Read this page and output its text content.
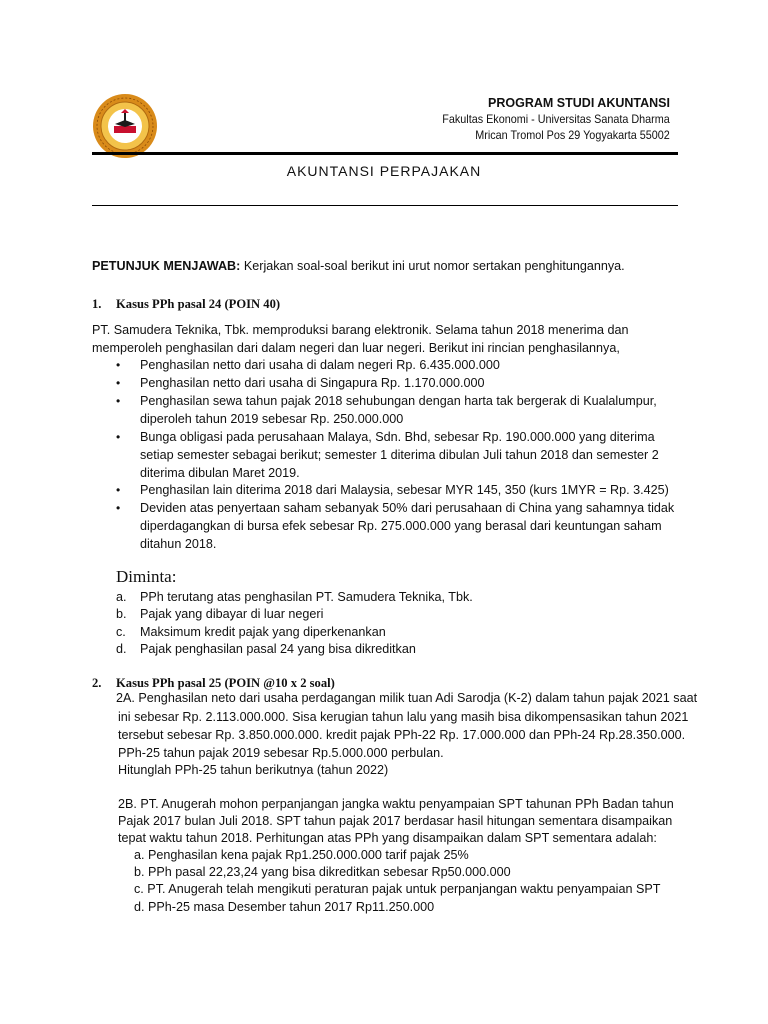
PROGRAM STUDI AKUNTANSI
Fakultas Ekonomi - Universitas Sanata Dharma
Mrican Tromol Pos 29 Yogyakarta 55002
AKUNTANSI PERPAJAKAN
PETUNJUK MENJAWAB: Kerjakan soal-soal berikut ini urut nomor sertakan penghitungannya.
1. Kasus PPh pasal 24 (POIN 40)
PT. Samudera Teknika, Tbk. memproduksi barang elektronik. Selama tahun 2018 menerima dan
memperoleh penghasilan dari dalam negeri dan luar negeri. Berikut ini rincian penghasilannya,
• Penghasilan netto dari usaha di dalam negeri Rp. 6.435.000.000
• Penghasilan netto dari usaha di Singapura Rp. 1.170.000.000
• Penghasilan sewa tahun pajak 2018 sehubungan dengan harta tak bergerak di Kualalumpur,
diperoleh tahun 2019 sebesar Rp. 250.000.000
• Bunga obligasi pada perusahaan Malaya, Sdn. Bhd, sebesar Rp. 190.000.000 yang diterima
setiap semester sebagai berikut; semester 1 diterima dibulan Juli tahun 2018 dan semester 2
diterima dibulan Maret 2019.
• Penghasilan lain diterima 2018 dari Malaysia, sebesar MYR 145, 350 (kurs 1MYR = Rp. 3.425)
• Deviden atas penyertaan saham sebanyak 50% dari perusahaan di China yang sahamnya tidak
diperdagangkan di bursa efek sebesar Rp. 275.000.000 yang berasal dari keuntungan saham
ditahun 2018.
Diminta:
a. PPh terutang atas penghasilan PT. Samudera Teknika, Tbk.
b. Pajak yang dibayar di luar negeri
c. Maksimum kredit pajak yang diperkenankan
d. Pajak penghasilan pasal 24 yang bisa dikreditkan
2. Kasus PPh pasal 25 (POIN @10 x 2 soal)
2A. Penghasilan neto dari usaha perdagangan milik tuan Adi Sarodja (K-2) dalam tahun pajak 2021 saat
ini sebesar Rp. 2.113.000.000. Sisa kerugian tahun lalu yang masih bisa dikompensasikan tahun 2021
tersebut sebesar Rp. 3.850.000.000. kredit pajak PPh-22 Rp. 17.000.000 dan PPh-24 Rp.28.350.000.
PPh-25 tahun pajak 2019 sebesar Rp.5.000.000 perbulan.
Hitunglah PPh-25 tahun berikutnya (tahun 2022)
2B. PT. Anugerah mohon perpanjangan jangka waktu penyampaian SPT tahunan PPh Badan tahun
Pajak 2017 bulan Juli 2018. SPT tahun pajak 2017 berdasar hasil hitungan sementara disampaikan
tepat waktu tahun 2018. Perhitungan atas PPh yang disampaikan dalam SPT sementara adalah:
a. Penghasilan kena pajak Rp1.250.000.000 tarif pajak 25%
b. PPh pasal 22,23,24 yang bisa dikreditkan sebesar Rp50.000.000
c. PT. Anugerah telah mengikuti peraturan pajak untuk perpanjangan waktu penyampaian SPT
d. PPh-25 masa Desember tahun 2017 Rp11.250.000
